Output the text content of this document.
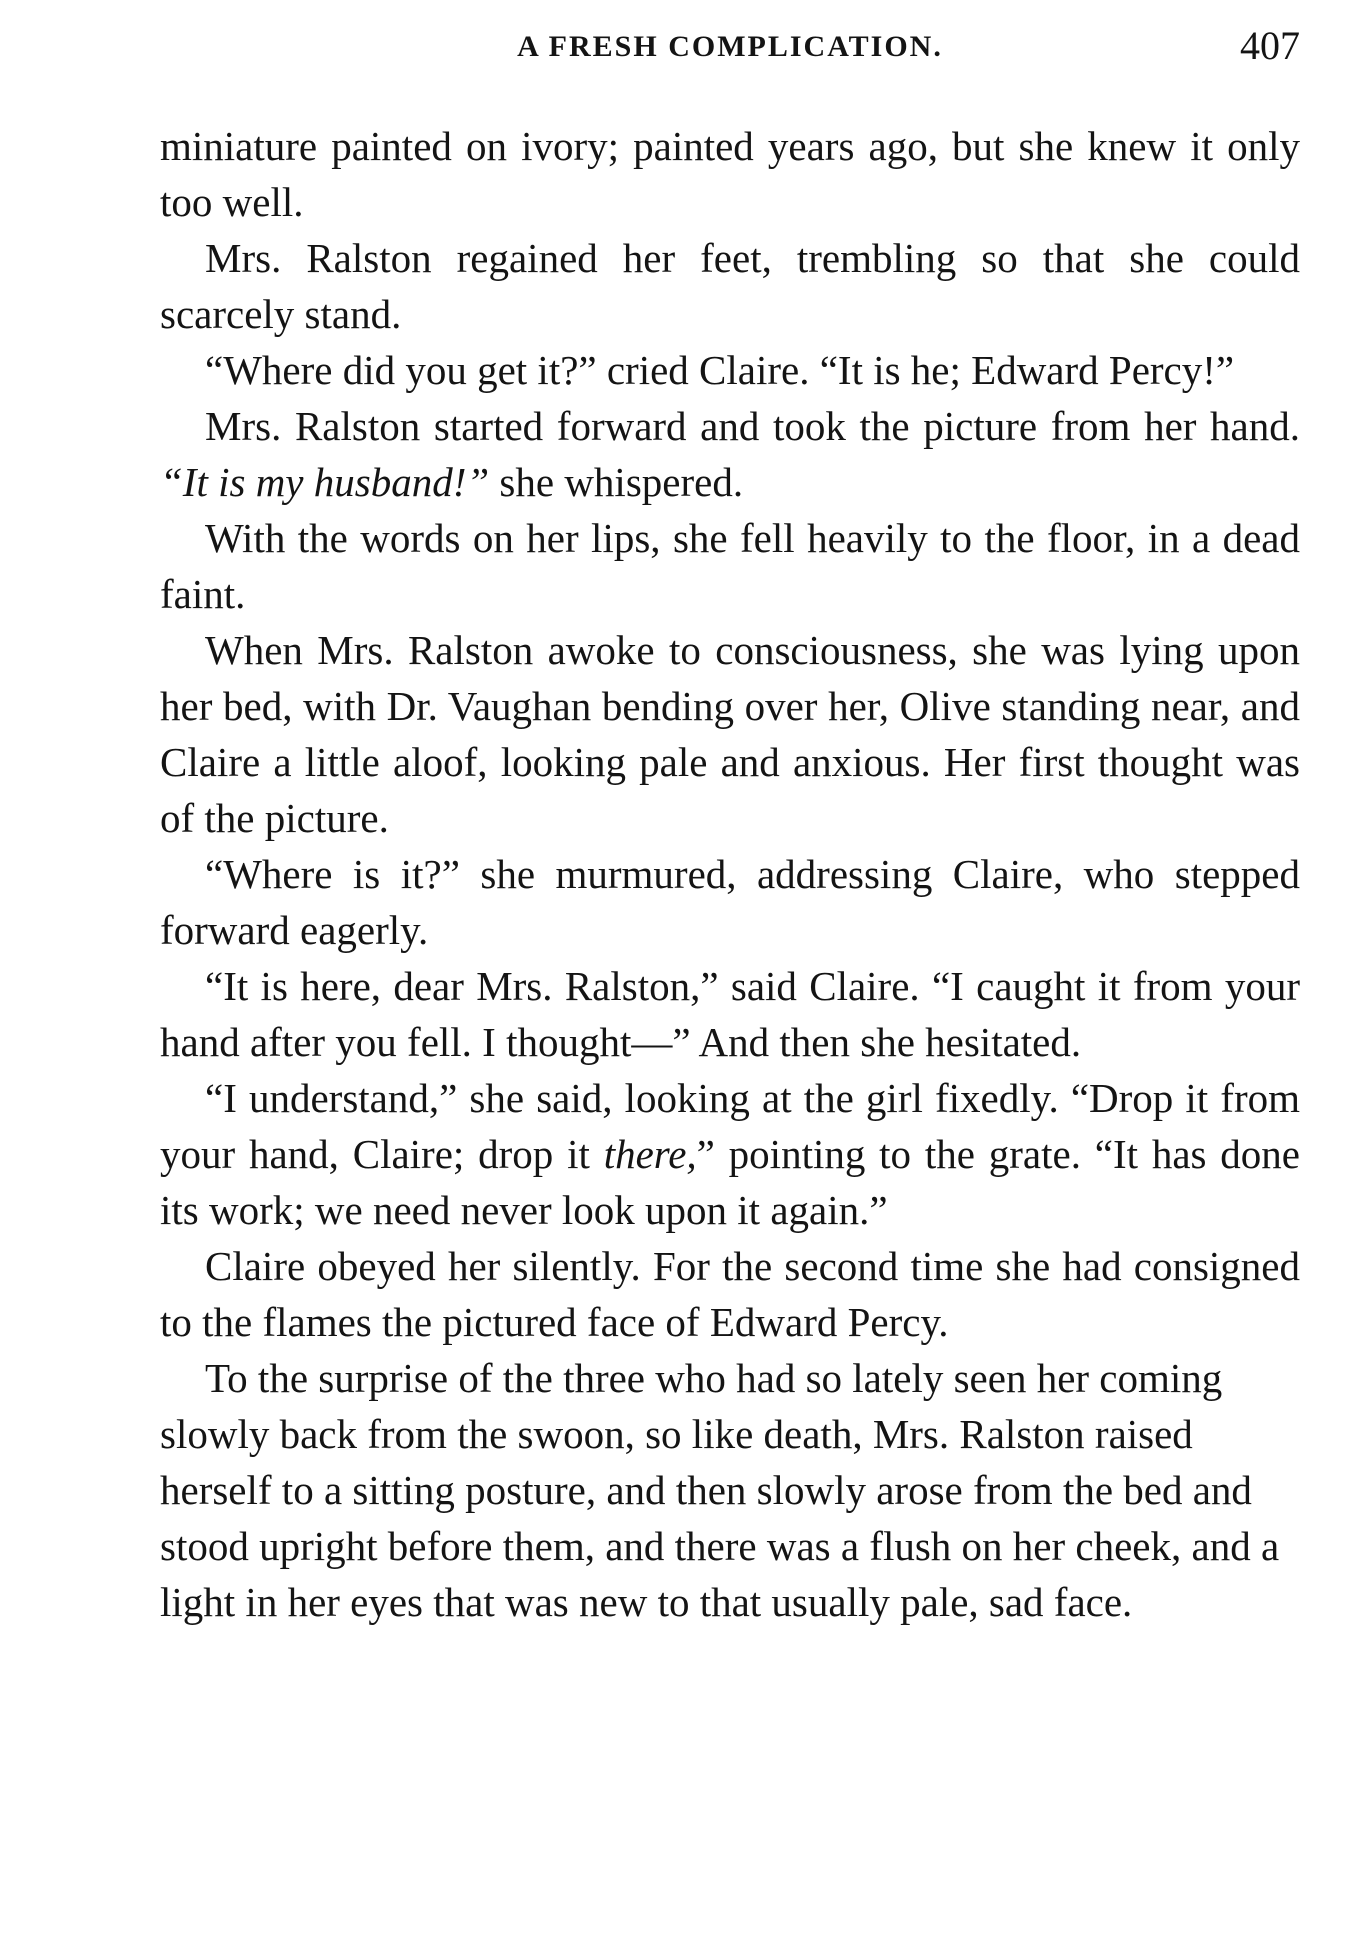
A FRESH COMPLICATION.	407

miniature painted on ivory; painted years ago, but she knew it only too well.

Mrs. Ralston regained her feet, trembling so that she could scarcely stand.

“Where did you get it?” cried Claire. “It is he; Edward Percy!”

Mrs. Ralston started forward and took the picture from her hand. “It is my husband!” she whispered.

With the words on her lips, she fell heavily to the floor, in a dead faint.

When Mrs. Ralston awoke to consciousness, she was lying upon her bed, with Dr. Vaughan bending over her, Olive standing near, and Claire a little aloof, looking pale and anxious. Her first thought was of the picture.

“Where is it?” she murmured, addressing Claire, who stepped forward eagerly.

“It is here, dear Mrs. Ralston,” said Claire. “I caught it from your hand after you fell. I thought—” And then she hesitated.

“I understand,” she said, looking at the girl fixedly. “Drop it from your hand, Claire; drop it there,” pointing to the grate. “It has done its work; we need never look upon it again.”

Claire obeyed her silently. For the second time she had consigned to the flames the pictured face of Edward Percy.

To the surprise of the three who had so lately seen her coming slowly back from the swoon, so like death, Mrs. Ralston raised herself to a sitting posture, and then slowly arose from the bed and stood upright before them, and there was a flush on her cheek, and a light in her eyes that was new to that usually pale, sad face.
